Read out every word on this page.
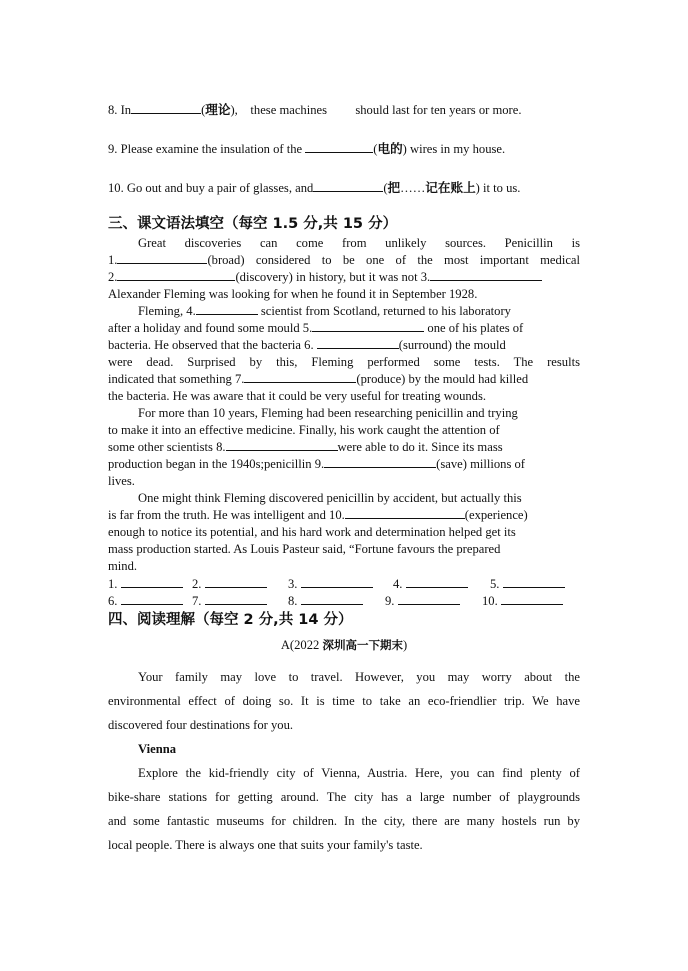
8. In	(理论),    these machines should last for ten years or more.
9. Please examine the insulation of the	(电的) wires in my house.
10. Go out and buy a pair of glasses, and	(把……记在账上) it to us.
三、课文语法填空（每空 1.5 分,共 15 分）
Great discoveries can come from unlikely sources. Penicillin is
1.	(broad) considered to be one of the most important medical
2.	(discovery) in history, but it was not 3.
Alexander Fleming was looking for when he found it in September 1928.
Fleming, 4.	scientist from Scotland, returned to his laboratory
after a holiday and found some mould 5.	one of his plates of
bacteria. He observed that the bacteria 6.	(surround) the mould
were dead. Surprised by this, Fleming performed some tests. The results
indicated that something 7.	(produce) by the mould had killed
the bacteria. He was aware that it could be very useful for treating wounds.
For more than 10 years, Fleming had been researching penicillin and trying
to make it into an effective medicine. Finally, his work caught the attention of
some other scientists 8.	were able to do it. Since its mass
production began in the 1940s;penicillin 9.	(save) millions of
lives.
One might think Fleming discovered penicillin by accident, but actually this
is far from the truth. He was intelligent and 10.	(experience)
enough to notice its potential, and his hard work and determination helped get its
mass production started. As Louis Pasteur said, “Fortune favours the prepared
mind.
1.	2.	3.	4.	5.
6.	7.	8.	9.	10.
四、阅读理解（每空 2 分,共 14 分）
A(2022 深圳高一下期末)
Your family may love to travel. However, you may worry about the
environmental effect of doing so. It is time to take an eco-friendlier trip. We have
discovered four destinations for you.
Vienna
Explore the kid-friendly city of Vienna, Austria. Here, you can find plenty of
bike-share stations for getting around. The city has a large number of playgrounds
and some fantastic museums for children. In the city, there are many hostels run by
local people. There is always one that suits your family's taste.
